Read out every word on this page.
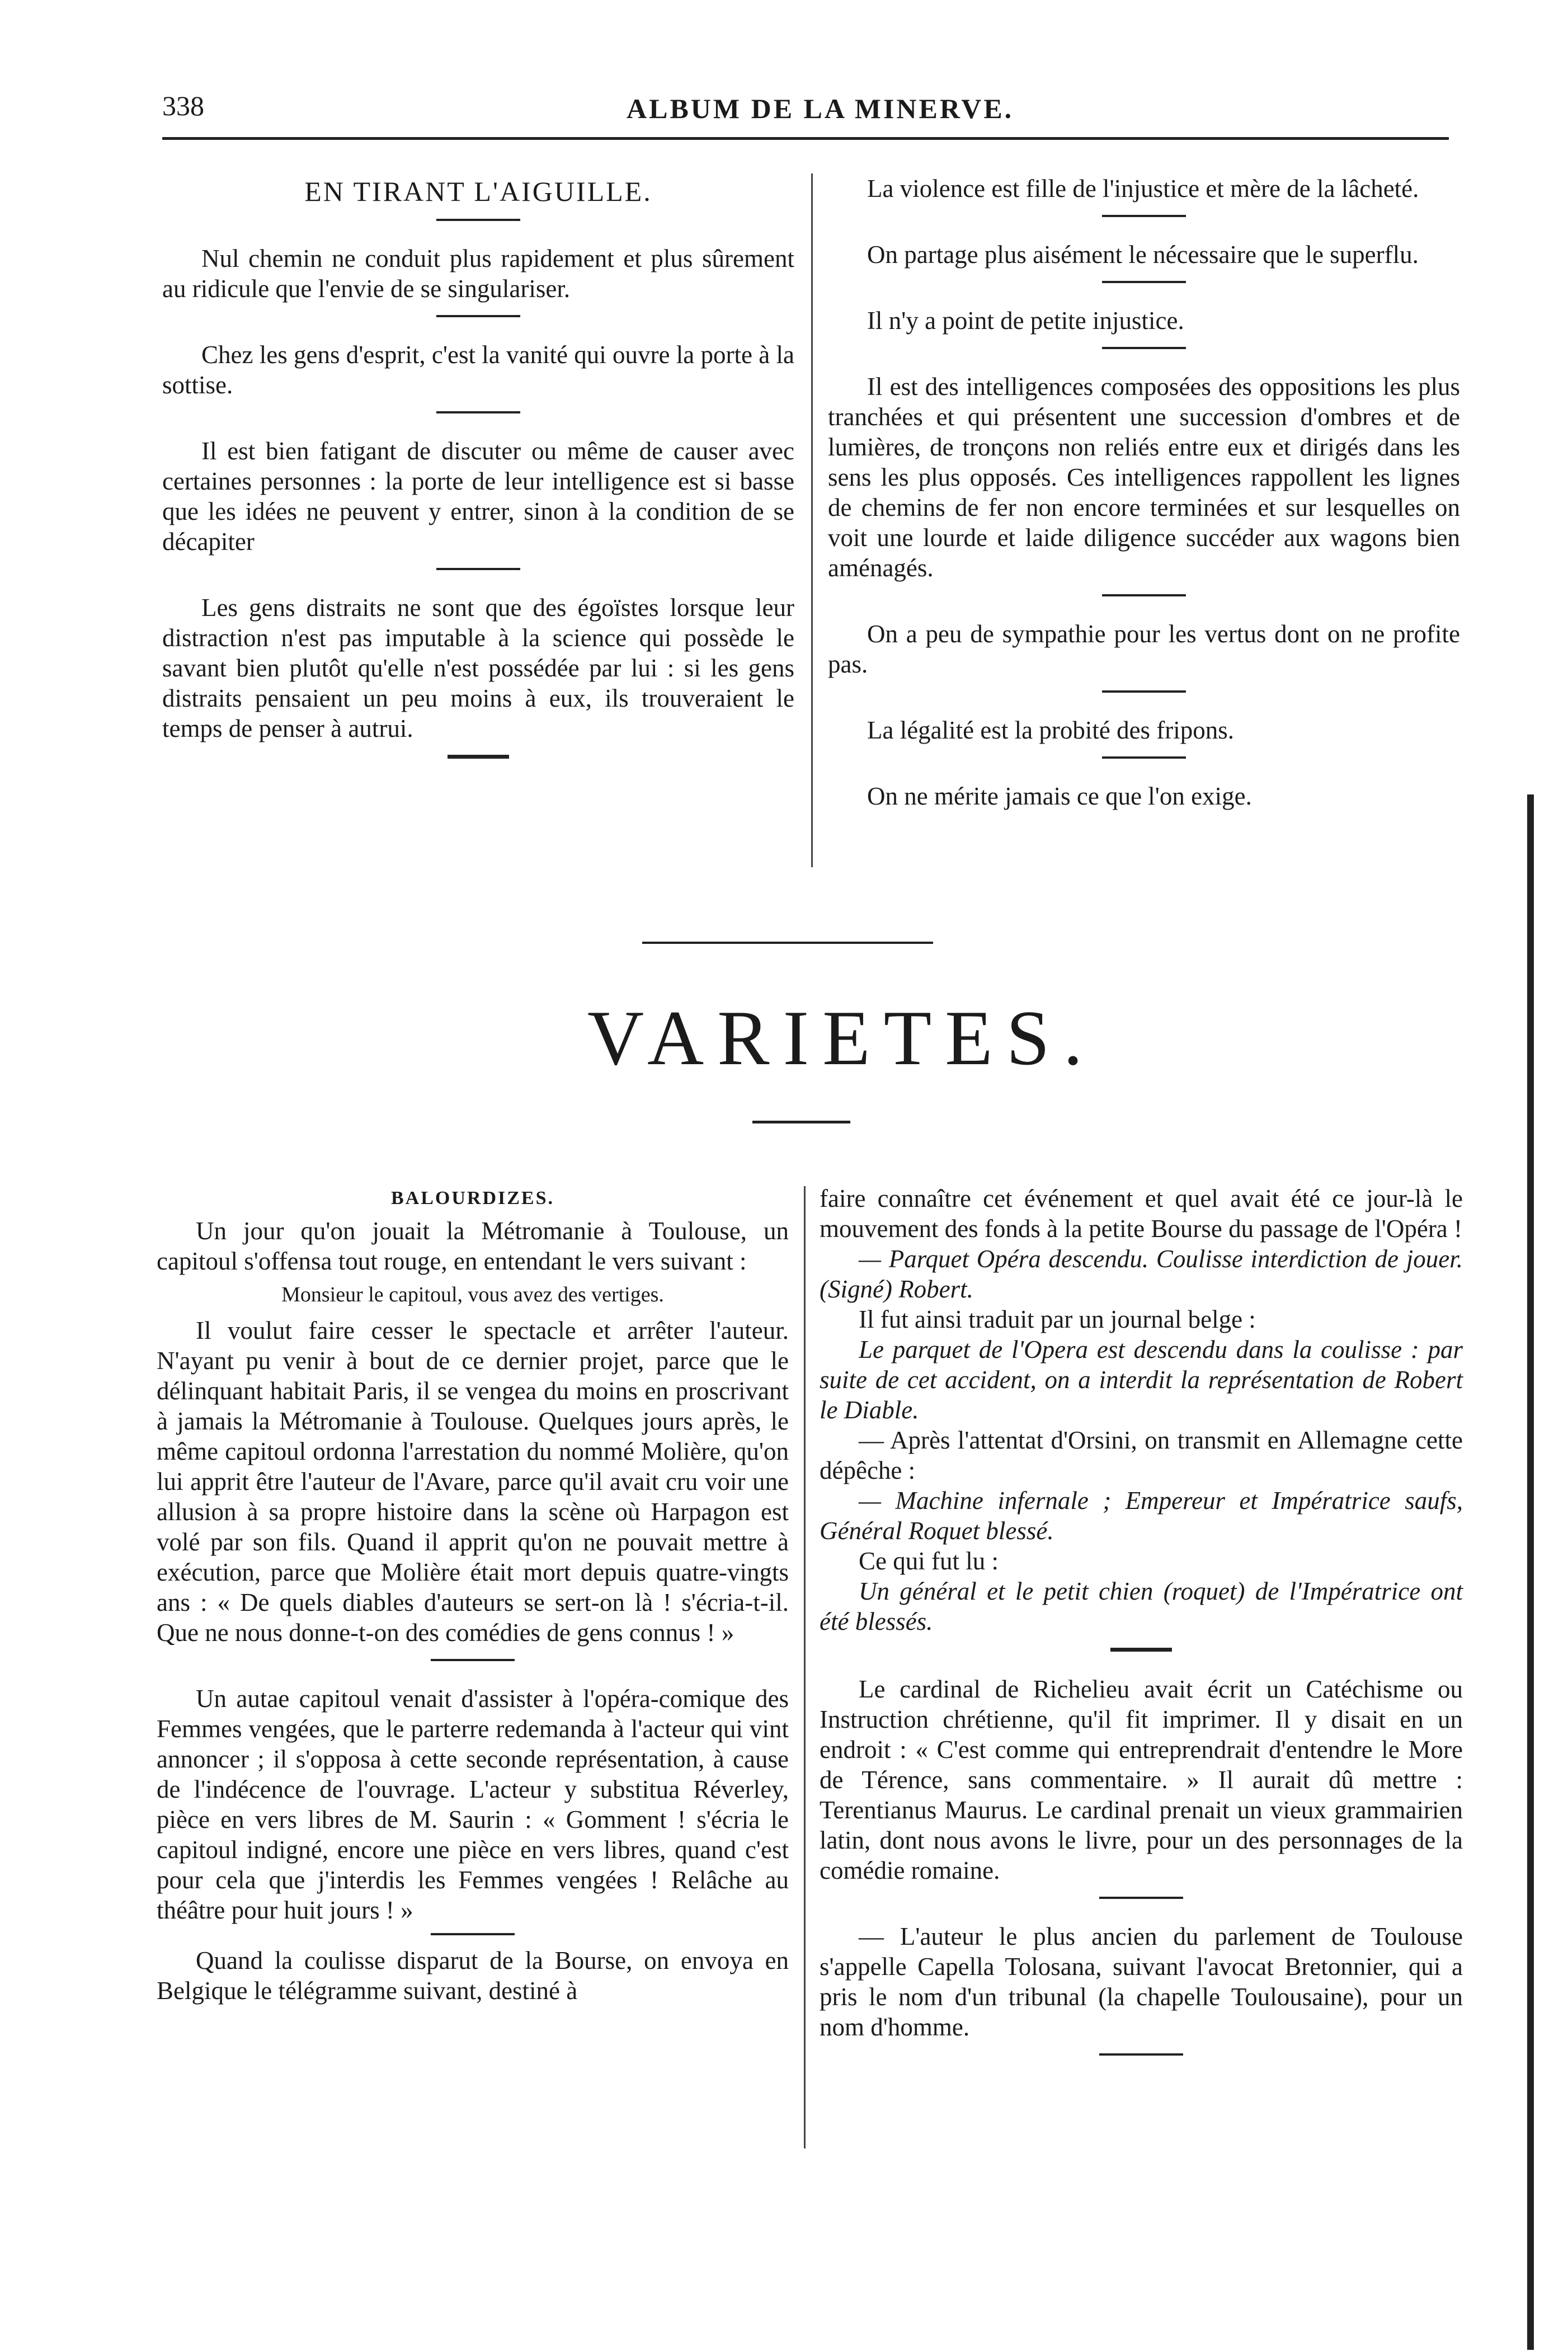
338	ALBUM DE LA MINERVE.
EN TIRANT L'AIGUILLE.

Nul chemin ne conduit plus rapidement et plus sûrement au ridicule que l'envie de se singulariser.

Chez les gens d'esprit, c'est la vanité qui ouvre la porte à la sottise.

Il est bien fatigant de discuter ou même de causer avec certaines personnes : la porte de leur intelligence est si basse que les idées ne peuvent y entrer, sinon à la condition de se décapiter

Les gens distraits ne sont que des égoïstes lorsque leur distraction n'est pas imputable à la science qui possède le savant bien plutôt qu'elle n'est possédée par lui : si les gens distraits pensaient un peu moins à eux, ils trouveraient le temps de penser à autrui.

La violence est fille de l'injustice et mère de la lâcheté.

On partage plus aisément le nécessaire que le superflu.

Il n'y a point de petite injustice.

Il est des intelligences composées des oppositions les plus tranchées et qui présentent une succession d'ombres et de lumières, de tronçons non reliés entre eux et dirigés dans les sens les plus opposés. Ces intelligences rappollent les lignes de chemins de fer non encore terminées et sur lesquelles on voit une lourde et laide diligence succéder aux wagons bien aménagés.

On a peu de sympathie pour les vertus dont on ne profite pas.

La légalité est la probité des fripons.

On ne mérite jamais ce que l'on exige.

VARIETES.
BALOURDIZES.

Un jour qu'on jouait la Métromanie à Toulouse, un capitoul s'offensa tout rouge, en entendant le vers suivant :

Monsieur le capitoul, vous avez des vertiges.

Il voulut faire cesser le spectacle et arrêter l'auteur. N'ayant pu venir à bout de ce dernier projet, parce que le délinquant habitait Paris, il se vengea du moins en proscrivant à jamais la Métromanie à Toulouse. Quelques jours après, le même capitoul ordonna l'arrestation du nommé Molière, qu'on lui apprit être l'auteur de l'Avare, parce qu'il avait cru voir une allusion à sa propre histoire dans la scène où Harpagon est volé par son fils. Quand il apprit qu'on ne pouvait mettre à exécution, parce que Molière était mort depuis quatre-vingts ans : « De quels diables d'auteurs se sert-on là ! s'écria-t-il. Que ne nous donne-t-on des comédies de gens connus ! »

Un autae capitoul venait d'assister à l'opéra-comique des Femmes vengées, que le parterre redemanda à l'acteur qui vint annoncer ; il s'opposa à cette seconde représentation, à cause de l'indécence de l'ouvrage. L'acteur y substitua Réverley, pièce en vers libres de M. Saurin : « Gomment ! s'écria le capitoul indigné, encore une pièce en vers libres, quand c'est pour cela que j'interdis les Femmes vengées ! Relâche au théâtre pour huit jours ! »

Quand la coulisse disparut de la Bourse, on envoya en Belgique le télégramme suivant, destiné à

faire connaître cet événement et quel avait été ce jour-là le mouvement des fonds à la petite Bourse du passage de l'Opéra !

— Parquet Opéra descendu. Coulisse interdiction de jouer. (Signé) Robert.

Il fut ainsi traduit par un journal belge :

Le parquet de l'Opera est descendu dans la coulisse : par suite de cet accident, on a interdit la représentation de Robert le Diable.

— Après l'attentat d'Orsini, on transmit en Allemagne cette dépêche :

— Machine infernale ; Empereur et Impératrice saufs, Général Roquet blessé.

Ce qui fut lu :

Un général et le petit chien (roquet) de l'Impératrice ont été blessés.

Le cardinal de Richelieu avait écrit un Catéchisme ou Instruction chrétienne, qu'il fit imprimer. Il y disait en un endroit : « C'est comme qui entreprendrait d'entendre le More de Térence, sans commentaire. » Il aurait dû mettre : Terentianus Maurus. Le cardinal prenait un vieux grammairien latin, dont nous avons le livre, pour un des personnages de la comédie romaine.

— L'auteur le plus ancien du parlement de Toulouse s'appelle Capella Tolosana, suivant l'avocat Bretonnier, qui a pris le nom d'un tribunal (la chapelle Toulousaine), pour un nom d'homme.
